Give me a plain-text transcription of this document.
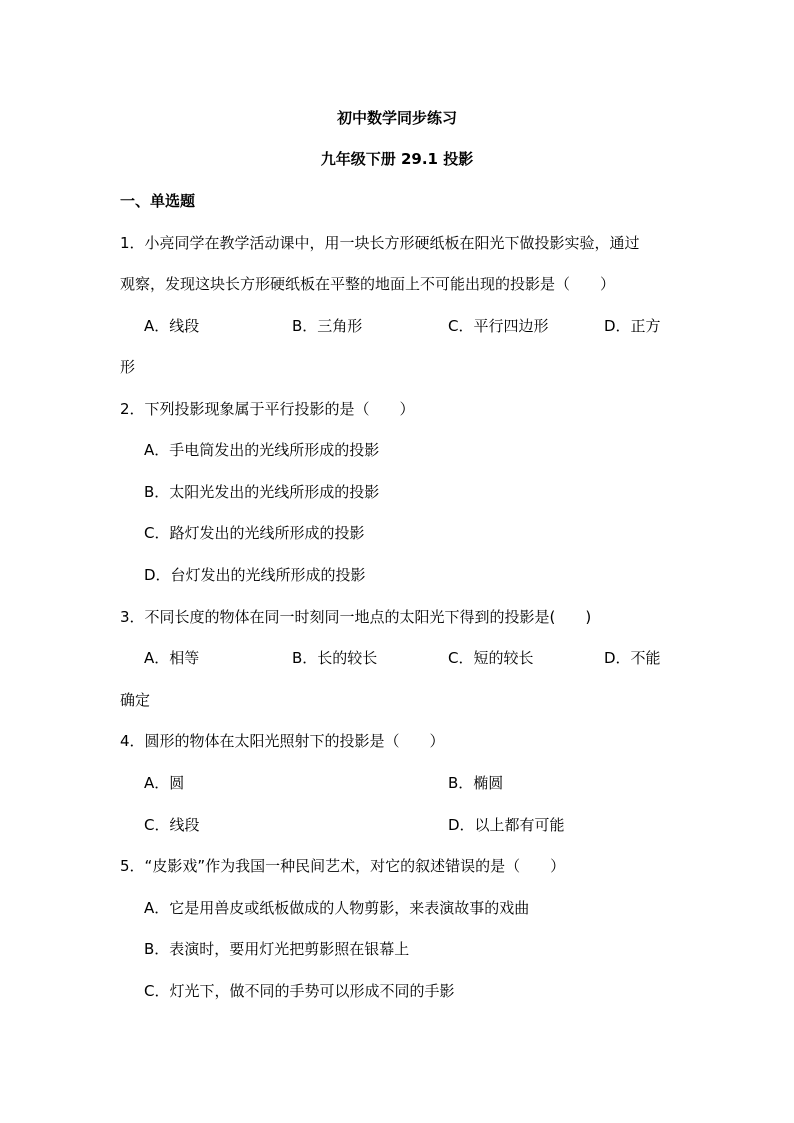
初中数学同步练习
九年级下册 29.1 投影
一、单选题
1．小亮同学在教学活动课中，用一块长方形硬纸板在阳光下做投影实验，通过
观察，发现这块长方形硬纸板在平整的地面上不可能出现的投影是（　　）
A．线段	B．三角形	C．平行四边形	D．正方
形
2．下列投影现象属于平行投影的是（　　）
A．手电筒发出的光线所形成的投影
B．太阳光发出的光线所形成的投影
C．路灯发出的光线所形成的投影
D．台灯发出的光线所形成的投影
3．不同长度的物体在同一时刻同一地点的太阳光下得到的投影是(　　)
A．相等	B．长的较长	C．短的较长	D．不能
确定
4．圆形的物体在太阳光照射下的投影是（　　）
A．圆	B．椭圆
C．线段	D．以上都有可能
5．“皮影戏”作为我国一种民间艺术，对它的叙述错误的是（　　）
A．它是用兽皮或纸板做成的人物剪影，来表演故事的戏曲
B．表演时，要用灯光把剪影照在银幕上
C．灯光下，做不同的手势可以形成不同的手影
